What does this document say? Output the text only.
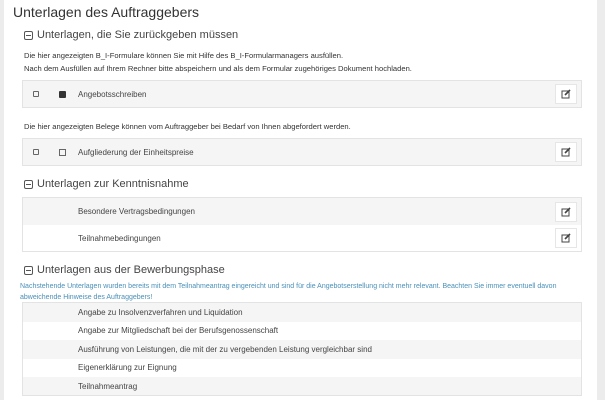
Unterlagen des Auftraggebers
Unterlagen, die Sie zurückgeben müssen
Die hier angezeigten B_I-Formulare können Sie mit Hilfe des B_I-Formularmanagers ausfüllen.
Nach dem Ausfüllen auf Ihrem Rechner bitte abspeichern und als dem Formular zugehöriges Dokument hochladen.
Angebotsschreiben
Die hier angezeigten Belege können vom Auftraggeber bei Bedarf von Ihnen abgefordert werden.
Aufgliederung der Einheitspreise
Unterlagen zur Kenntnisnahme
Besondere Vertragsbedingungen
Teilnahmebedingungen
Unterlagen aus der Bewerbungsphase
Nachstehende Unterlagen wurden bereits mit dem Teilnahmeantrag eingereicht und sind für die Angebotserstellung nicht mehr relevant. Beachten Sie immer eventuell davon abweichende Hinweise des Auftraggebers!
Angabe zu Insolvenzverfahren und Liquidation
Angabe zur Mitgliedschaft bei der Berufsgenossenschaft
Ausführung von Leistungen, die mit der zu vergebenden Leistung vergleichbar sind
Eigenerklärung zur Eignung
Teilnahmeantrag
